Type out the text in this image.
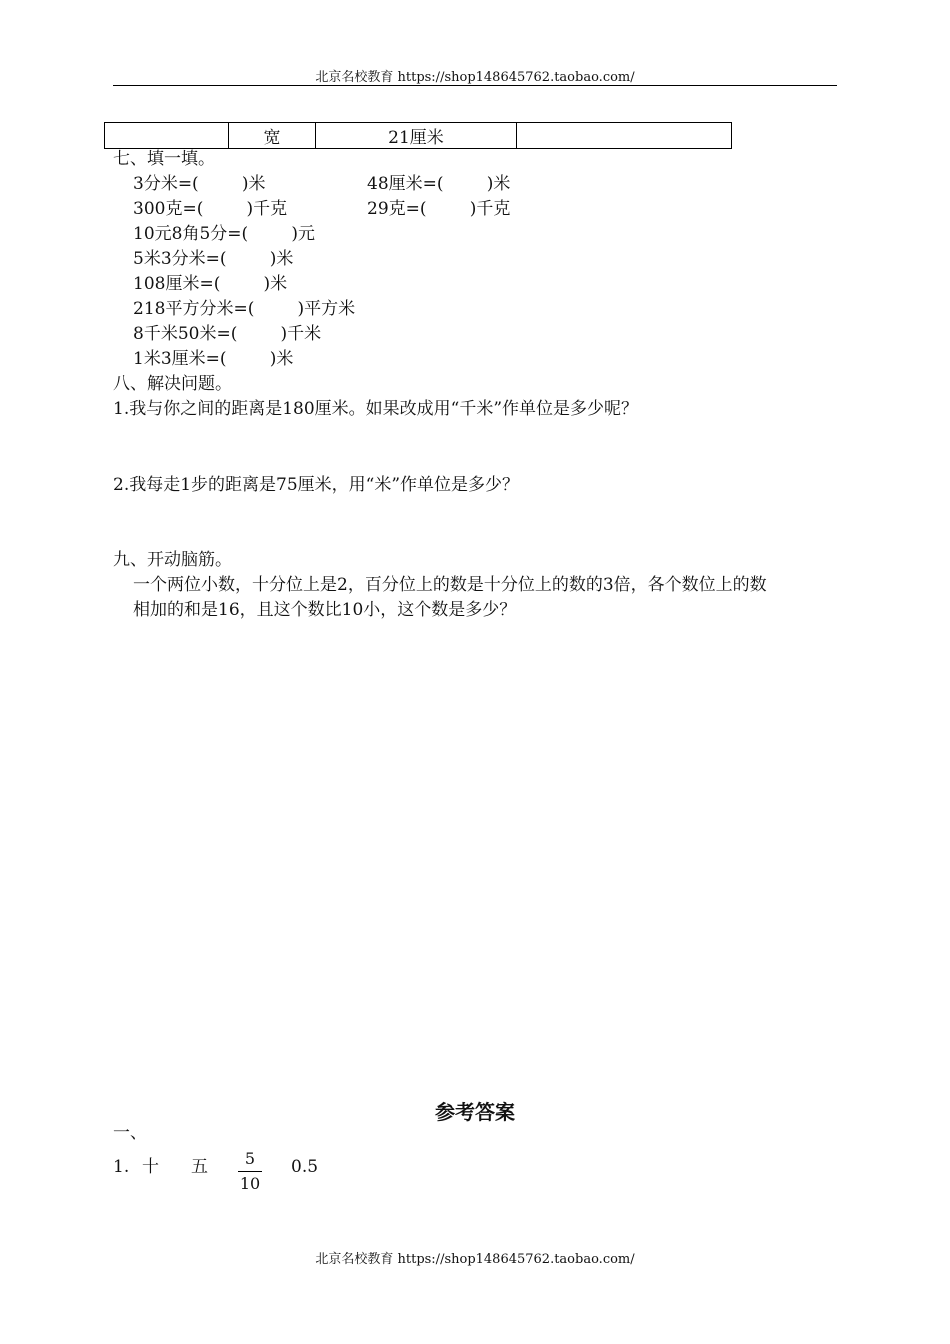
北京名校教育 https://shop148645762.taobao.com/
	宽	21厘米	
七、填一填。
3分米=(        )米	48厘米=(        )米
300克=(        )千克	29克=(        )千克
10元8角5分=(        )元
5米3分米=(        )米
108厘米=(        )米
218平方分米=(        )平方米
8千米50米=(        )千米
1米3厘米=(        )米
八、解决问题。
1.我与你之间的距离是180厘米。如果改成用“千米”作单位是多少呢？
2.我每走1步的距离是75厘米，用“米”作单位是多少？
九、开动脑筋。
一个两位小数，十分位上是2，百分位上的数是十分位上的数的3倍，各个数位上的数
相加的和是16，且这个数比10小，这个数是多少？
参考答案
一、
1. 十 五	5
10
0.5
北京名校教育 https://shop148645762.taobao.com/
